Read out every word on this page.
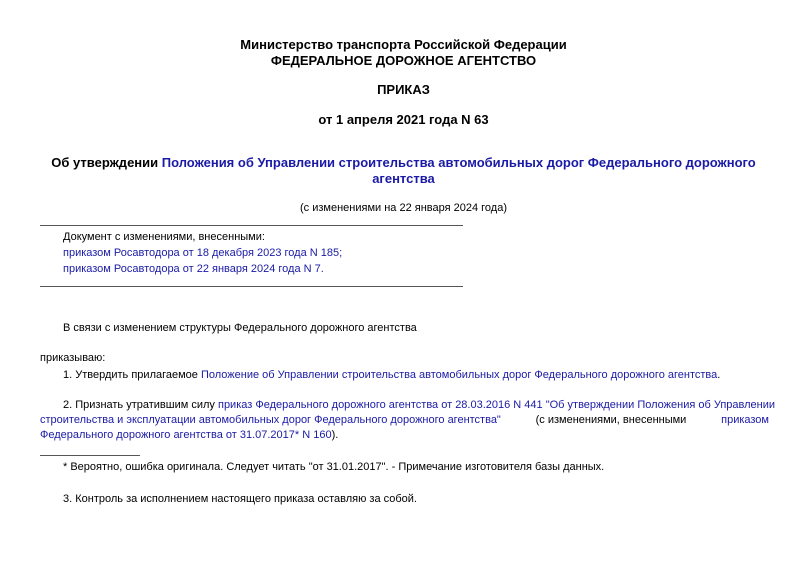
Министерство транспорта Российской Федерации
ФЕДЕРАЛЬНОЕ ДОРОЖНОЕ АГЕНТСТВО
ПРИКАЗ
от 1 апреля 2021 года N 63
Об утверждении Положения об Управлении строительства автомобильных дорог Федерального дорожного
агентства
(с изменениями на 22 января 2024 года)
Документ с изменениями, внесенными:
приказом Росавтодора от 18 декабря 2023 года N 185;
приказом Росавтодора от 22 января 2024 года N 7.
В связи с изменением структуры Федерального дорожного агентства
приказываю:
1. Утвердить прилагаемое Положение об Управлении строительства автомобильных дорог Федерального дорожного агентства.
2. Признать утратившим силу приказ Федерального дорожного агентства от 28.03.2016 N 441 "Об утверждении Положения об Управлении
строительства и эксплуатации автомобильных дорог Федерального дорожного агентства"	(с изменениями, внесенными	приказом
Федерального дорожного агентства от 31.07.2017* N 160).
* Вероятно, ошибка оригинала. Следует читать "от 31.01.2017". - Примечание изготовителя базы данных.
3. Контроль за исполнением настоящего приказа оставляю за собой.
